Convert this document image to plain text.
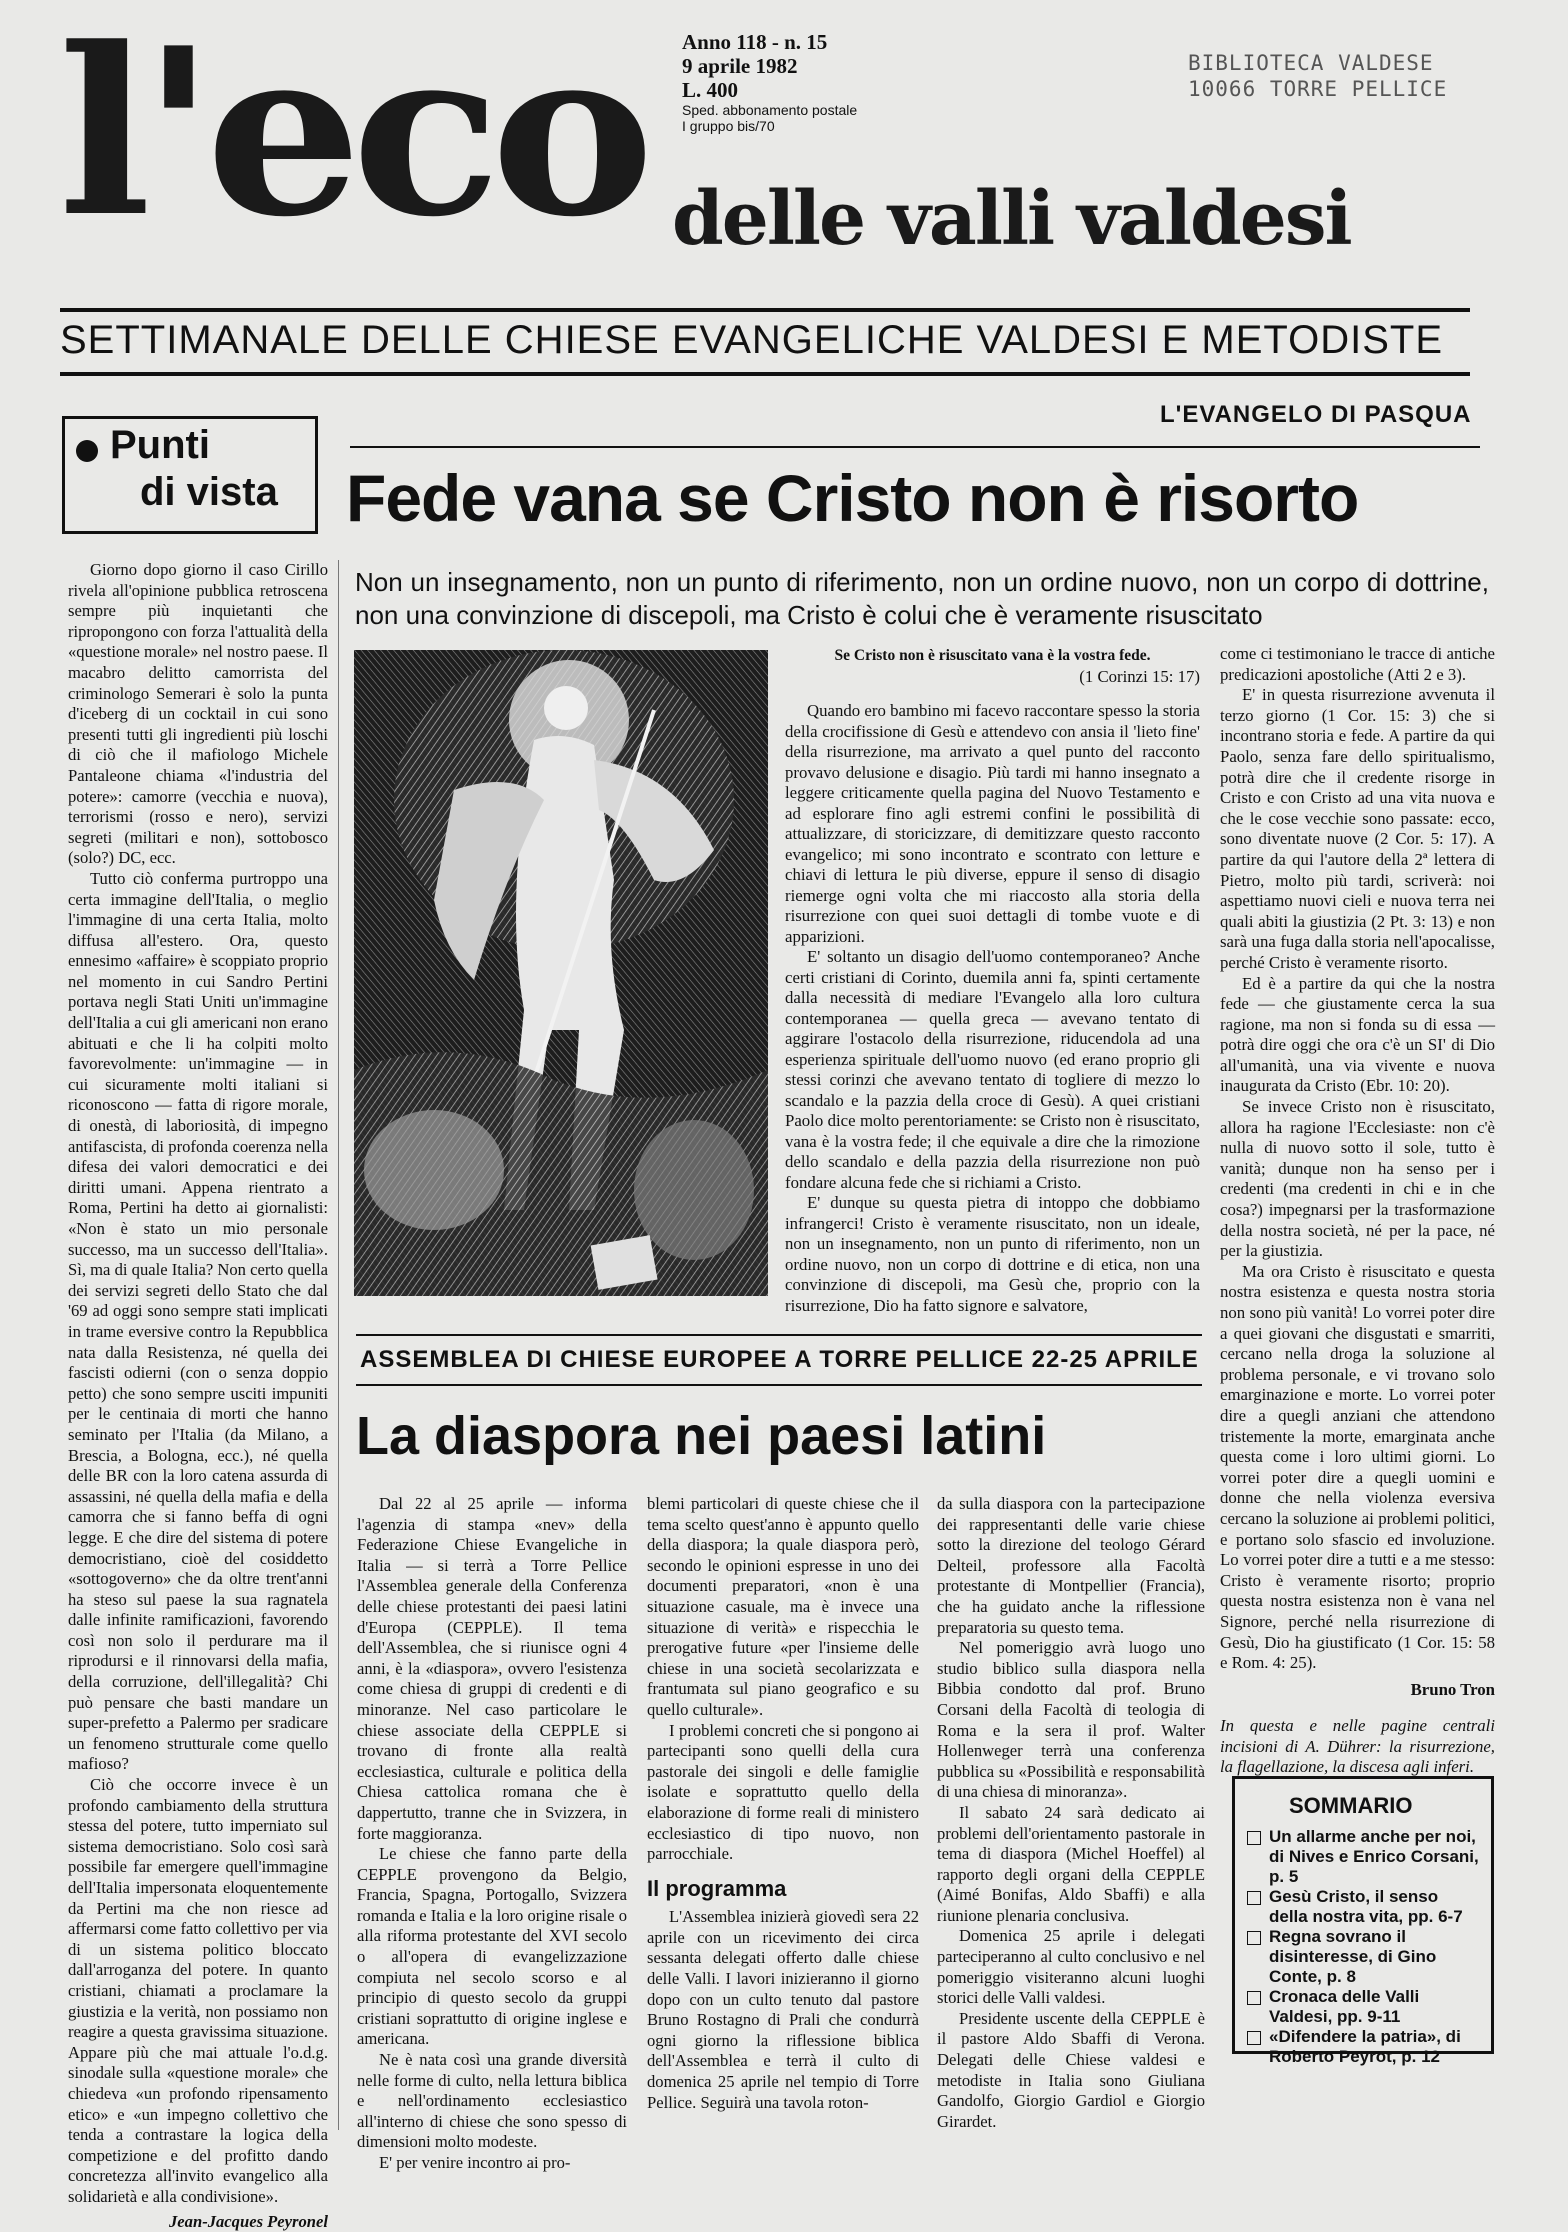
l'eco delle valli valdesi
Anno 118 - n. 15
9 aprile 1982
L. 400
Sped. abbonamento postale
I gruppo bis/70
BIBLIOTECA VALDESE
10066 TORRE PELLICE
SETTIMANALE DELLE CHIESE EVANGELICHE VALDESI E METODISTE
Punti
di vista

Giorno dopo giorno il caso Cirillo rivela all'opinione pubblica retroscena sempre più inquietanti che ripropongono con forza l'attualità della «questione morale» nel nostro paese. Il macabro delitto camorrista del criminologo Semerari è solo la punta d'iceberg di un cocktail in cui sono presenti tutti gli ingredienti più loschi di ciò che il mafiologo Michele Pantaleone chiama «l'industria del potere»: camorre (vecchia e nuova), terrorismi (rosso e nero), servizi segreti (militari e non), sottobosco (solo?) DC, ecc.

Tutto ciò conferma purtroppo una certa immagine dell'Italia, o meglio l'immagine di una certa Italia, molto diffusa all'estero. Ora, questo ennesimo «affaire» è scoppiato proprio nel momento in cui Sandro Pertini portava negli Stati Uniti un'immagine dell'Italia a cui gli americani non erano abituati e che li ha colpiti molto favorevolmente: un'immagine — in cui sicuramente molti italiani si riconoscono — fatta di rigore morale, di onestà, di laboriosità, di impegno antifascista, di profonda coerenza nella difesa dei valori democratici e dei diritti umani. Appena rientrato a Roma, Pertini ha detto ai giornalisti: «Non è stato un mio personale successo, ma un successo dell'Italia». Sì, ma di quale Italia? Non certo quella dei servizi segreti dello Stato che dal '69 ad oggi sono sempre stati implicati in trame eversive contro la Repubblica nata dalla Resistenza, né quella dei fascisti odierni (con o senza doppio petto) che sono sempre usciti impuniti per le centinaia di morti che hanno seminato per l'Italia (da Milano, a Brescia, a Bologna, ecc.), né quella delle BR con la loro catena assurda di assassini, né quella della mafia e della camorra che si fanno beffa di ogni legge. E che dire del sistema di potere democristiano, cioè del cosiddetto «sottogoverno» che da oltre trent'anni ha steso sul paese la sua ragnatela dalle infinite ramificazioni, favorendo così non solo il perdurare ma il riprodursi e il rinnovarsi della mafia, della corruzione, dell'illegalità? Chi può pensare che basti mandare un super-prefetto a Palermo per sradicare un fenomeno strutturale come quello mafioso?

Ciò che occorre invece è un profondo cambiamento della struttura stessa del potere, tutto imperniato sul sistema democristiano. Solo così sarà possibile far emergere quell'immagine dell'Italia impersonata eloquentemente da Pertini ma che non riesce ad affermarsi come fatto collettivo per via di un sistema politico bloccato dall'arroganza del potere. In quanto cristiani, chiamati a proclamare la giustizia e la verità, non possiamo non reagire a questa gravissima situazione. Appare più che mai attuale l'o.d.g. sinodale sulla «questione morale» che chiedeva «un profondo ripensamento etico» e «un impegno collettivo che tenda a contrastare la logica della competizione e del profitto dando concretezza all'invito evangelico alla solidarietà e alla condivisione».

Jean-Jacques Peyronel
L'EVANGELO DI PASQUA
Fede vana se Cristo non è risorto
Non un insegnamento, non un punto di riferimento, non un ordine nuovo, non un corpo di dottrine, non una convinzione di discepoli, ma Cristo è colui che è veramente risuscitato
Se Cristo non è risuscitato vana è la vostra fede.
(1 Corinzi 15: 17)

Quando ero bambino mi facevo raccontare spesso la storia della crocifissione di Gesù e attendevo con ansia il 'lieto fine' della risurrezione, ma arrivato a quel punto del racconto provavo delusione e disagio. Più tardi mi hanno insegnato a leggere criticamente quella pagina del Nuovo Testamento e ad esplorare fino agli estremi confini le possibilità di attualizzare, di storicizzare, di demitizzare questo racconto evangelico; mi sono incontrato e scontrato con letture e chiavi di lettura le più diverse, eppure il senso di disagio riemerge ogni volta che mi riaccosto alla storia della risurrezione con quei suoi dettagli di tombe vuote e di apparizioni.

E' soltanto un disagio dell'uomo contemporaneo? Anche certi cristiani di Corinto, duemila anni fa, spinti certamente dalla necessità di mediare l'Evangelo alla loro cultura contemporanea — quella greca — avevano tentato di aggirare l'ostacolo della risurrezione, riducendola ad una esperienza spirituale dell'uomo nuovo (ed erano proprio gli stessi corinzi che avevano tentato di togliere di mezzo lo scandalo e la pazzia della croce di Gesù). A quei cristiani Paolo dice molto perentoriamente: se Cristo non è risuscitato, vana è la vostra fede; il che equivale a dire che la rimozione dello scandalo e della pazzia della risurrezione non può fondare alcuna fede che si richiami a Cristo.

E' dunque su questa pietra di intoppo che dobbiamo infrangerci! Cristo è veramente risuscitato, non un ideale, non un insegnamento, non un punto di riferimento, non un ordine nuovo, non un corpo di dottrine e di etica, non una convinzione di discepoli, ma Gesù che, proprio con la risurrezione, Dio ha fatto signore e salvatore,

come ci testimoniano le tracce di antiche predicazioni apostoliche (Atti 2 e 3).

E' in questa risurrezione avvenuta il terzo giorno (1 Cor. 15: 3) che si incontrano storia e fede. A partire da qui Paolo, senza fare dello spiritualismo, potrà dire che il credente risorge in Cristo e con Cristo ad una vita nuova e che le cose vecchie sono passate: ecco, sono diventate nuove (2 Cor. 5: 17). A partire da qui l'autore della 2ª lettera di Pietro, molto più tardi, scriverà: noi aspettiamo nuovi cieli e nuova terra nei quali abiti la giustizia (2 Pt. 3: 13) e non sarà una fuga dalla storia nell'apocalisse, perché Cristo è veramente risorto.

Ed è a partire da qui che la nostra fede — che giustamente cerca la sua ragione, ma non si fonda su di essa — potrà dire oggi che ora c'è un SI' di Dio all'umanità, una via vivente e nuova inaugurata da Cristo (Ebr. 10: 20).

Se invece Cristo non è risuscitato, allora ha ragione l'Ecclesiaste: non c'è nulla di nuovo sotto il sole, tutto è vanità; dunque non ha senso per i credenti (ma credenti in chi e in che cosa?) impegnarsi per la trasformazione della nostra società, né per la pace, né per la giustizia.

Ma ora Cristo è risuscitato e questa nostra esistenza e questa nostra storia non sono più vanità! Lo vorrei poter dire a quei giovani che disgustati e smarriti, cercano nella droga la soluzione al problema personale, e vi trovano solo emarginazione e morte. Lo vorrei poter dire a quegli anziani che attendono tristemente la morte, emarginata anche questa come i loro ultimi giorni. Lo vorrei poter dire a quegli uomini e donne che nella violenza eversiva cercano la soluzione ai problemi politici, e portano solo sfascio ed involuzione. Lo vorrei poter dire a tutti e a me stesso: Cristo è veramente risorto; proprio questa nostra esistenza non è vana nel Signore, perché nella risurrezione di Gesù, Dio ha giustificato (1 Cor. 15: 58 e Rom. 4: 25).

Bruno Tron
In questa e nelle pagine centrali incisioni di A. Dührer: la risurrezione, la flagellazione, la discesa agli inferi.
ASSEMBLEA DI CHIESE EUROPEE A TORRE PELLICE 22-25 APRILE
La diaspora nei paesi latini

Dal 22 al 25 aprile — informa l'agenzia di stampa «nev» della Federazione Chiese Evangeliche in Italia — si terrà a Torre Pellice l'Assemblea generale della Conferenza delle chiese protestanti dei paesi latini d'Europa (CEPPLE). Il tema dell'Assemblea, che si riunisce ogni 4 anni, è la «diaspora», ovvero l'esistenza come chiesa di gruppi di credenti e di minoranze. Nel caso particolare le chiese associate della CEPPLE si trovano di fronte alla realtà ecclesiastica, culturale e politica della Chiesa cattolica romana che è dappertutto, tranne che in Svizzera, in forte maggioranza.

Le chiese che fanno parte della CEPPLE provengono da Belgio, Francia, Spagna, Portogallo, Svizzera romanda e Italia e la loro origine risale o alla riforma protestante del XVI secolo o all'opera di evangelizzazione compiuta nel secolo scorso e al principio di questo secolo da gruppi cristiani soprattutto di origine inglese e americana.

Ne è nata così una grande diversità nelle forme di culto, nella lettura biblica e nell'ordinamento ecclesiastico all'interno di chiese che sono spesso di dimensioni molto modeste.

E' per venire incontro ai pro-

blemi particolari di queste chiese che il tema scelto quest'anno è appunto quello della diaspora; la quale diaspora però, secondo le opinioni espresse in uno dei documenti preparatori, «non è una situazione casuale, ma è invece una situazione di verità» e rispecchia le prerogative future «per l'insieme delle chiese in una società secolarizzata e frantumata sul piano geografico e su quello culturale».

I problemi concreti che si pongono ai partecipanti sono quelli della cura pastorale dei singoli e delle famiglie isolate e soprattutto quello della elaborazione di forme reali di ministero ecclesiastico di tipo nuovo, non parrocchiale.

Il programma

L'Assemblea inizierà giovedì sera 22 aprile con un ricevimento dei circa sessanta delegati offerto dalle chiese delle Valli. I lavori inizieranno il giorno dopo con un culto tenuto dal pastore Bruno Rostagno di Prali che condurrà ogni giorno la riflessione biblica dell'Assemblea e terrà il culto di domenica 25 aprile nel tempio di Torre Pellice. Seguirà una tavola roton-

da sulla diaspora con la partecipazione dei rappresentanti delle varie chiese sotto la direzione del teologo Gérard Delteil, professore alla Facoltà protestante di Montpellier (Francia), che ha guidato anche la riflessione preparatoria su questo tema.

Nel pomeriggio avrà luogo uno studio biblico sulla diaspora nella Bibbia condotto dal prof. Bruno Corsani della Facoltà di teologia di Roma e la sera il prof. Walter Hollenweger terrà una conferenza pubblica su «Possibilità e responsabilità di una chiesa di minoranza».

Il sabato 24 sarà dedicato ai problemi dell'orientamento pastorale in tema di diaspora (Michel Hoeffel) al rapporto degli organi della CEPPLE (Aimé Bonifas, Aldo Sbaffi) e alla riunione plenaria conclusiva.

Domenica 25 aprile i delegati parteciperanno al culto conclusivo e nel pomeriggio visiteranno alcuni luoghi storici delle Valli valdesi.

Presidente uscente della CEPPLE è il pastore Aldo Sbaffi di Verona. Delegati delle Chiese valdesi e metodiste in Italia sono Giuliana Gandolfo, Giorgio Gardiol e Giorgio Girardet.

SOMMARIO
Un allarme anche per noi, di Nives e Enrico Corsani, p. 5
Gesù Cristo, il senso della nostra vita, pp. 6-7
Regna sovrano il disinteresse, di Gino Conte, p. 8
Cronaca delle Valli Valdesi, pp. 9-11
«Difendere la patria», di Roberto Peyrot, p. 12
